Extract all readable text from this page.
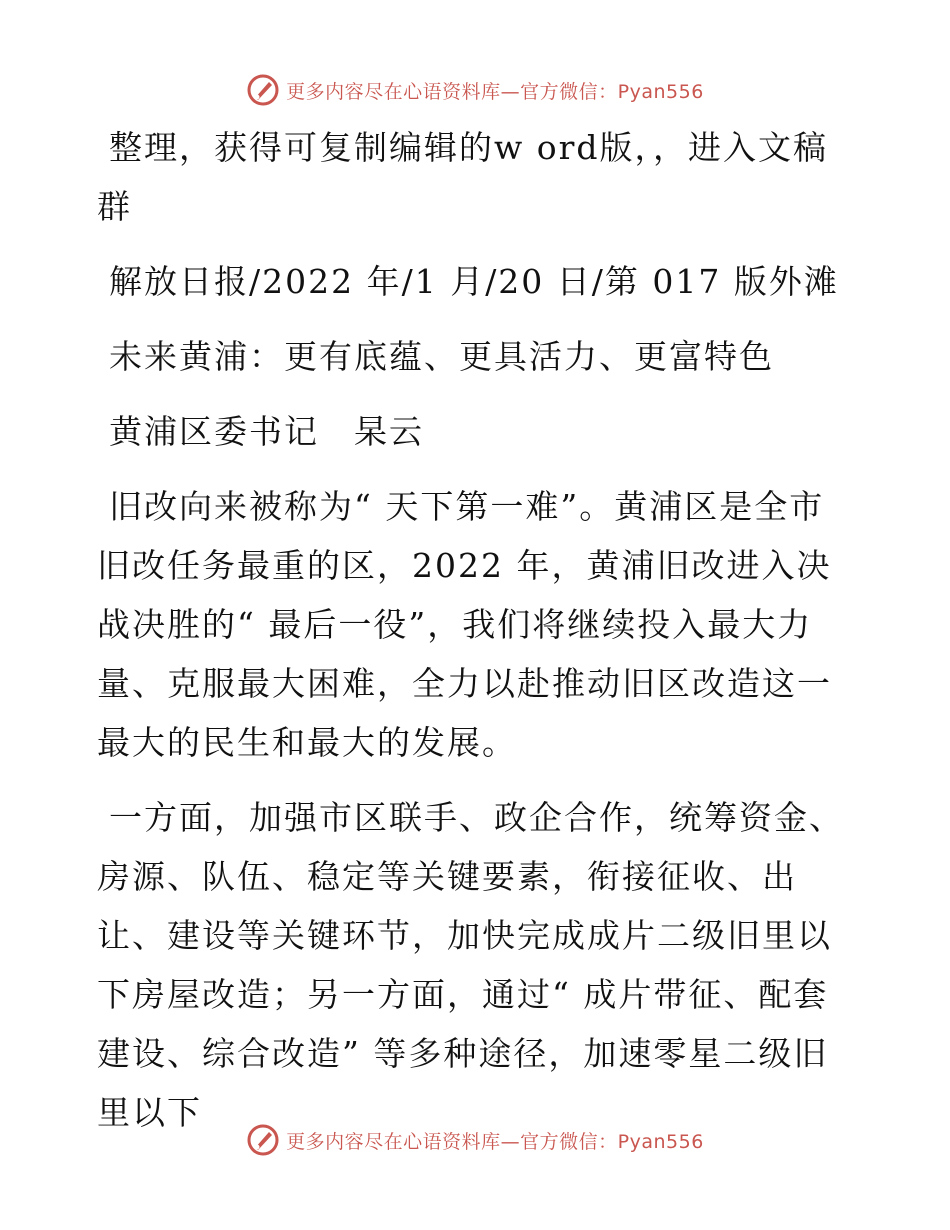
更多内容尽在心语资料库—官方微信：Pyan556

整理，获得可复制编辑的w ord版，，进入文稿群

解放日报/2022 年/1 月/20 日/第 017 版外滩

未来黄浦：更有底蕴、更具活力、更富特色

黄浦区委书记　杲云

旧改向来被称为“ 天下第一难”。黄浦区是全市旧改任务最重的区，2022 年，黄浦旧改进入决战决胜的“ 最后一役”，我们将继续投入最大力量、克服最大困难，全力以赴推动旧区改造这一最大的民生和最大的发展。

一方面，加强市区联手、政企合作，统筹资金、房源、队伍、稳定等关键要素，衔接征收、出让、建设等关键环节，加快完成成片二级旧里以下房屋改造；另一方面，通过“ 成片带征、配套建设、综合改造” 等多种途径，加速零星二级旧里以下

更多内容尽在心语资料库—官方微信：Pyan556
